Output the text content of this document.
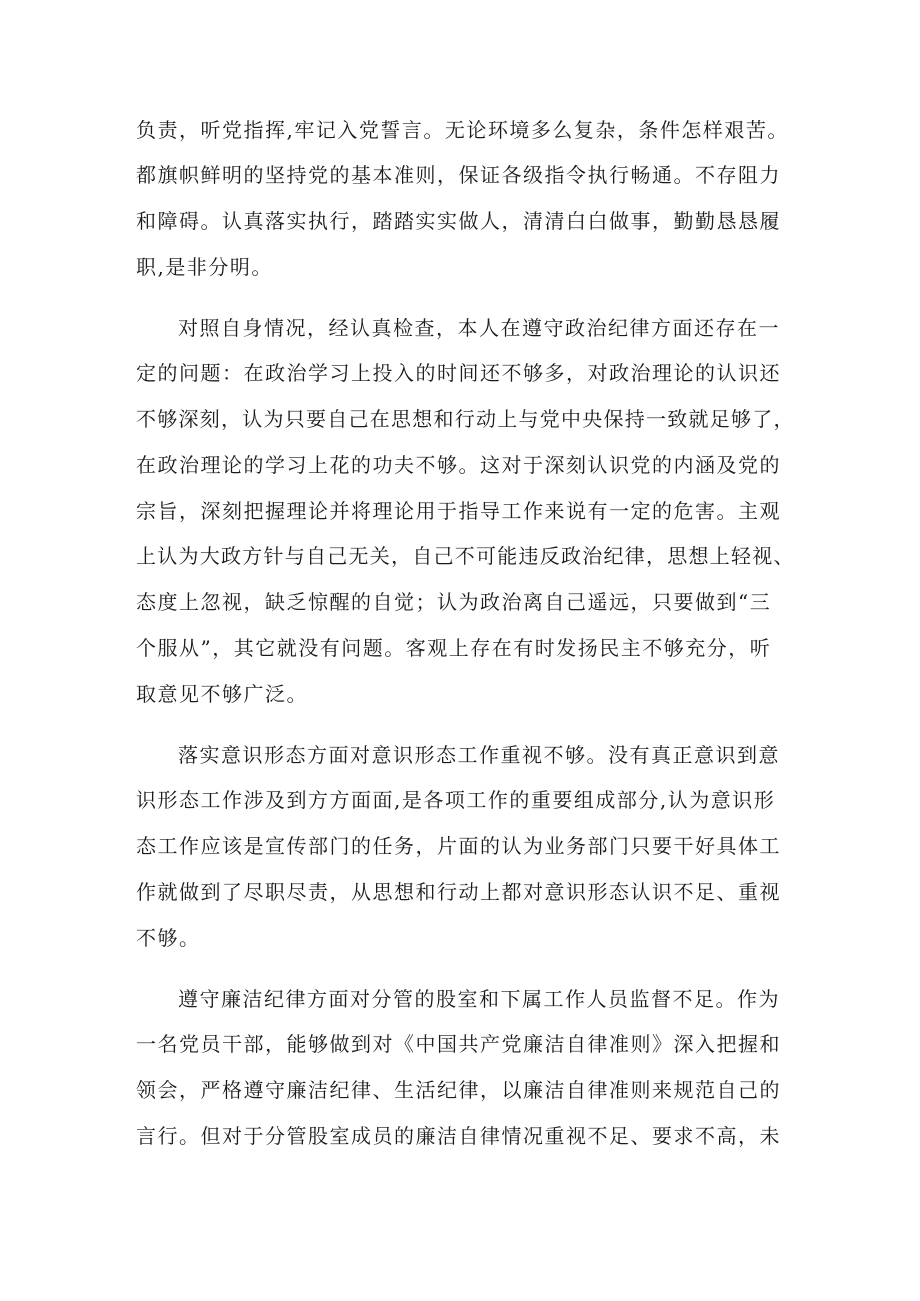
负责，听党指挥,牢记入党誓言。无论环境多么复杂，条件怎样艰苦。
都旗帜鲜明的坚持党的基本准则，保证各级指令执行畅通。不存阻力
和障碍。认真落实执行，踏踏实实做人，清清白白做事，勤勤恳恳履
职,是非分明。
对照自身情况，经认真检查，本人在遵守政治纪律方面还存在一
定的问题：在政治学习上投入的时间还不够多，对政治理论的认识还
不够深刻，认为只要自己在思想和行动上与党中央保持一致就足够了，
在政治理论的学习上花的功夫不够。这对于深刻认识党的内涵及党的
宗旨，深刻把握理论并将理论用于指导工作来说有一定的危害。主观
上认为大政方针与自己无关，自己不可能违反政治纪律，思想上轻视、
态度上忽视，缺乏惊醒的自觉；认为政治离自己遥远，只要做到“三
个服从”，其它就没有问题。客观上存在有时发扬民主不够充分，听
取意见不够广泛。
落实意识形态方面对意识形态工作重视不够。没有真正意识到意
识形态工作涉及到方方面面,是各项工作的重要组成部分,认为意识形
态工作应该是宣传部门的任务，片面的认为业务部门只要干好具体工
作就做到了尽职尽责，从思想和行动上都对意识形态认识不足、重视
不够。
遵守廉洁纪律方面对分管的股室和下属工作人员监督不足。作为
一名党员干部，能够做到对《中国共产党廉洁自律准则》深入把握和
领会，严格遵守廉洁纪律、生活纪律，以廉洁自律准则来规范自己的
言行。但对于分管股室成员的廉洁自律情况重视不足、要求不高，未
